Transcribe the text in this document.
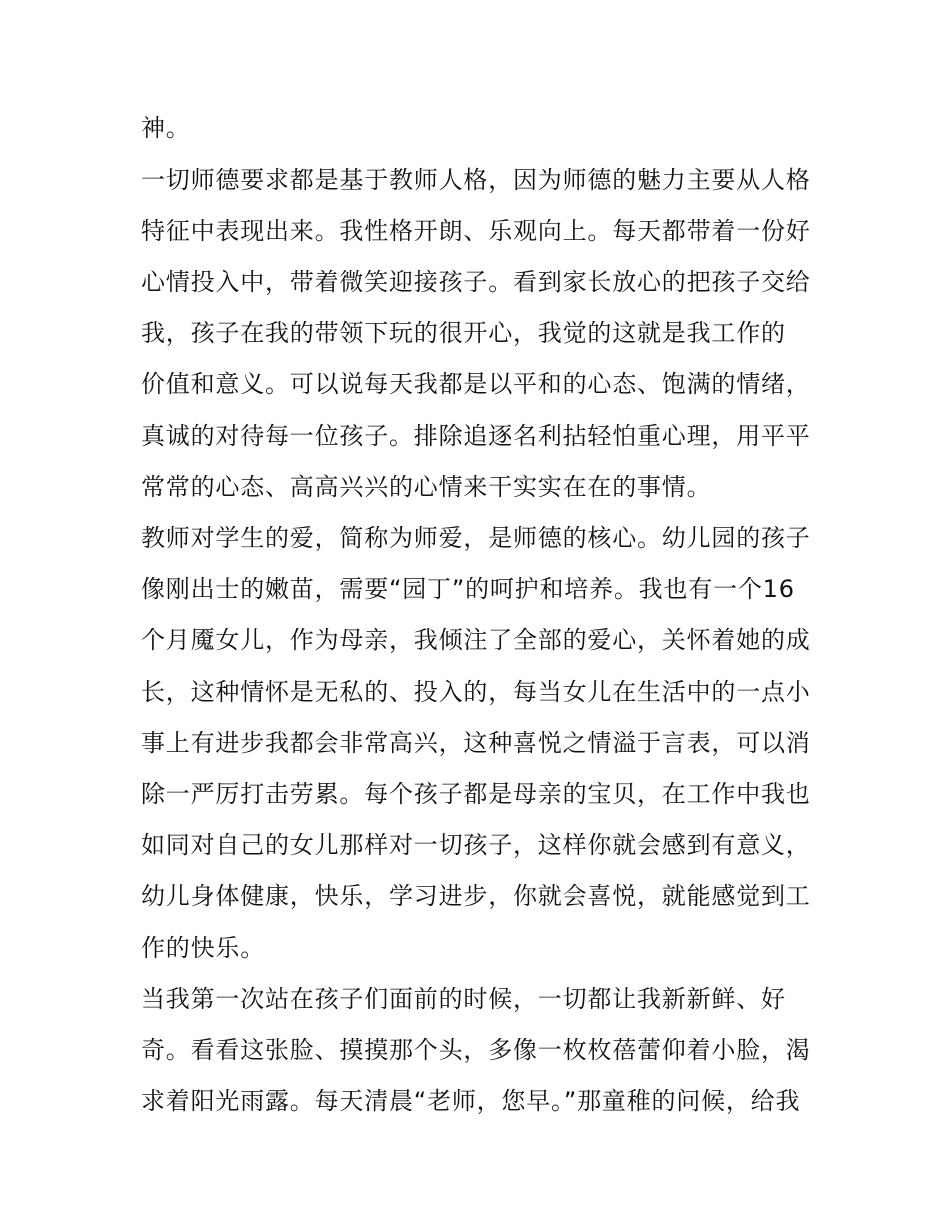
神。
一切师德要求都是基于教师人格，因为师德的魅力主要从人格
特征中表现出来。我性格开朗、乐观向上。每天都带着一份好
心情投入中，带着微笑迎接孩子。看到家长放心的把孩子交给
我，孩子在我的带领下玩的很开心，我觉的这就是我工作的
价值和意义。可以说每天我都是以平和的心态、饱满的情绪，
真诚的对待每一位孩子。排除追逐名利拈轻怕重心理，用平平
常常的心态、高高兴兴的心情来干实实在在的事情。
教师对学生的爱，简称为师爱，是师德的核心。幼儿园的孩子
像刚出士的嫩苗，需要“园丁”的呵护和培养。我也有一个16
个月魇女儿，作为母亲，我倾注了全部的爱心，关怀着她的成
长，这种情怀是无私的、投入的，每当女儿在生活中的一点小
事上有进步我都会非常高兴，这种喜悦之情溢于言表，可以消
除一严厉打击劳累。每个孩子都是母亲的宝贝，在工作中我也
如同对自己的女儿那样对一切孩子，这样你就会感到有意义，
幼儿身体健康，快乐，学习进步，你就会喜悦，就能感觉到工
作的快乐。
当我第一次站在孩子们面前的时候，一切都让我新新鲜、好
奇。看看这张脸、摸摸那个头，多像一枚枚蓓蕾仰着小脸，渴
求着阳光雨露。每天清晨“老师，您早。”那童稚的问候，给我
